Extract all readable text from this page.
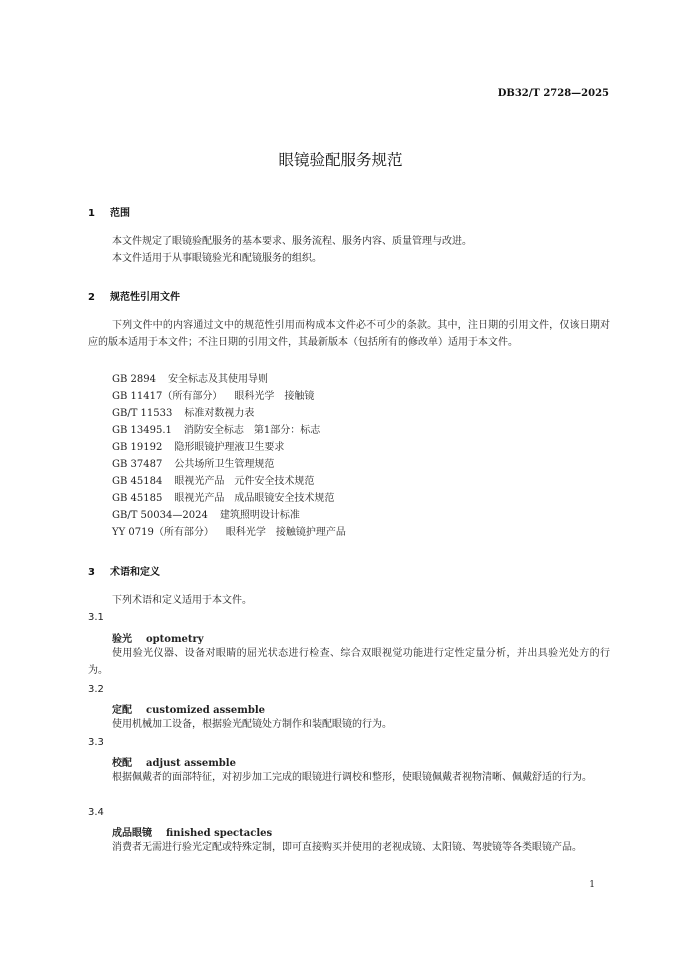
DB32/T 2728—2025
眼镜验配服务规范
1 范围
本文件规定了眼镜验配服务的基本要求、服务流程、服务内容、质量管理与改进。
本文件适用于从事眼镜验光和配镜服务的组织。
2 规范性引用文件
下列文件中的内容通过文中的规范性引用而构成本文件必不可少的条款。其中，注日期的引用文件，仅该日期对应的版本适用于本文件；不注日期的引用文件，其最新版本（包括所有的修改单）适用于本文件。
GB 2894 安全标志及其使用导则
GB 11417（所有部分） 眼科光学　接触镜
GB/T 11533 标准对数视力表
GB 13495.1 消防安全标志　第1部分：标志
GB 19192 隐形眼镜护理液卫生要求
GB 37487 公共场所卫生管理规范
GB 45184 眼视光产品　元件安全技术规范
GB 45185 眼视光产品　成品眼镜安全技术规范
GB/T 50034—2024 建筑照明设计标准
YY 0719（所有部分） 眼科光学　接触镜护理产品
3 术语和定义
下列术语和定义适用于本文件。
3.1
验光 optometry
使用验光仪器、设备对眼睛的屈光状态进行检查、综合双眼视觉功能进行定性定量分析，并出具验光处方的行为。
3.2
定配 customized assemble
使用机械加工设备，根据验光配镜处方制作和装配眼镜的行为。
3.3
校配 adjust assemble
根据佩戴者的面部特征，对初步加工完成的眼镜进行调校和整形，使眼镜佩戴者视物清晰、佩戴舒适的行为。
3.4
成品眼镜 finished spectacles
消费者无需进行验光定配或特殊定制，即可直接购买并使用的老视成镜、太阳镜、驾驶镜等各类眼镜产品。
1
